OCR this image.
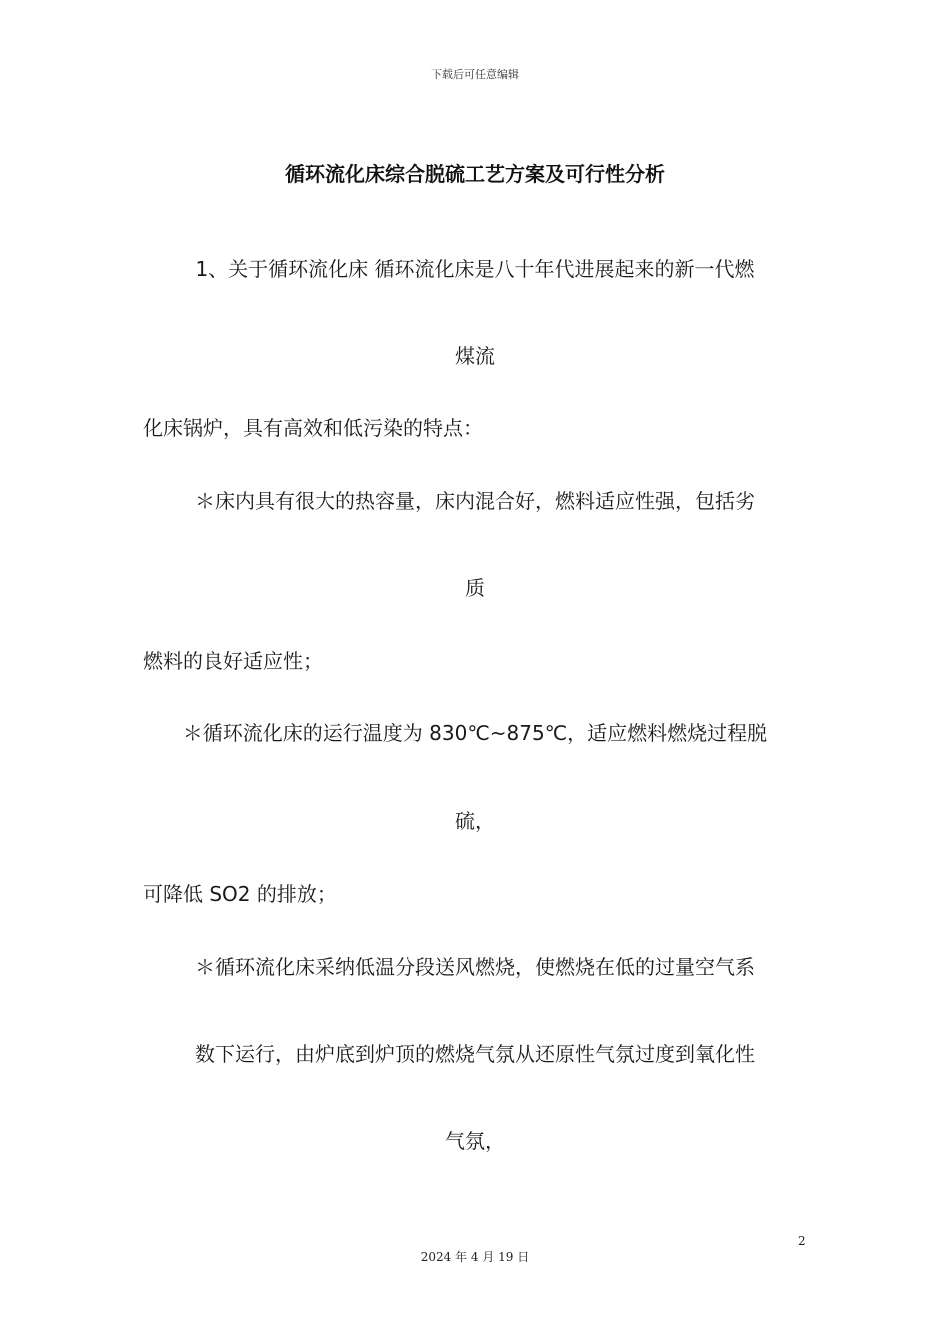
下载后可任意编辑
循环流化床综合脱硫工艺方案及可行性分析
1、关于循环流化床 循环流化床是八十年代进展起来的新一代燃
煤流
化床锅炉，具有高效和低污染的特点：
＊床内具有很大的热容量，床内混合好，燃料适应性强，包括劣
质
燃料的良好适应性；
＊循环流化床的运行温度为 830℃~875℃，适应燃料燃烧过程脱
硫，
可降低 SO2 的排放；
＊循环流化床采纳低温分段送风燃烧，使燃烧在低的过量空气系
数下运行，由炉底到炉顶的燃烧气氛从还原性气氛过度到氧化性
气氛，
2
2024 年 4 月 19 日
